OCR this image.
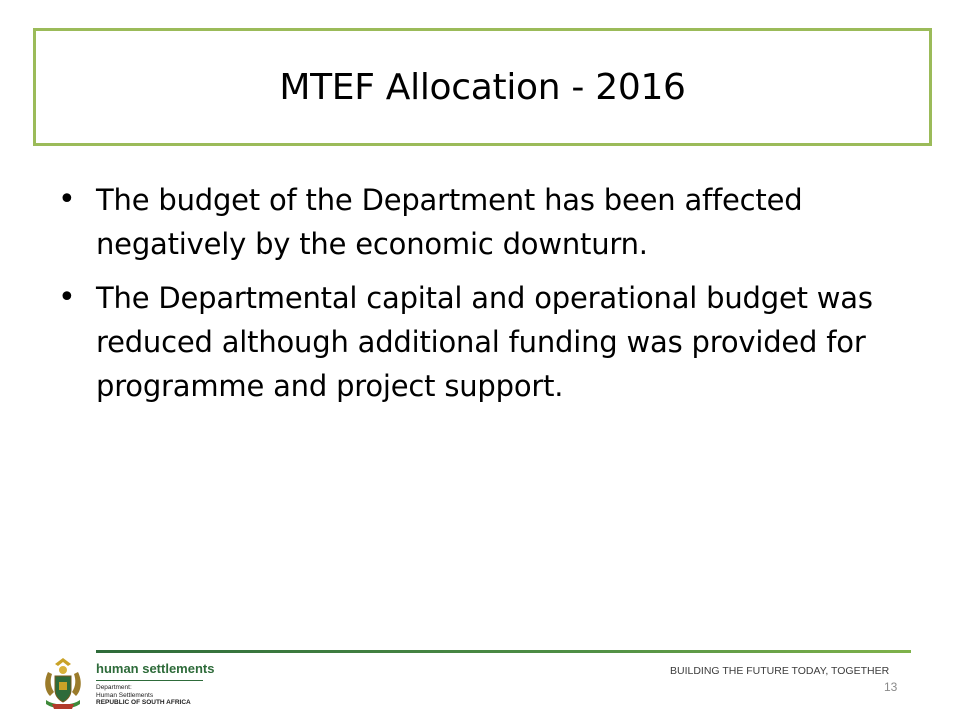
MTEF Allocation - 2016
• The budget of the Department has been affected negatively by the economic downturn.

• The Departmental capital and operational budget was reduced although additional funding was provided for programme and project support.

human settlements

Department:

Human Settlements

REPUBLIC OF SOUTH AFRICA

BUILDING THE FUTURE TODAY, TOGETHER
13
